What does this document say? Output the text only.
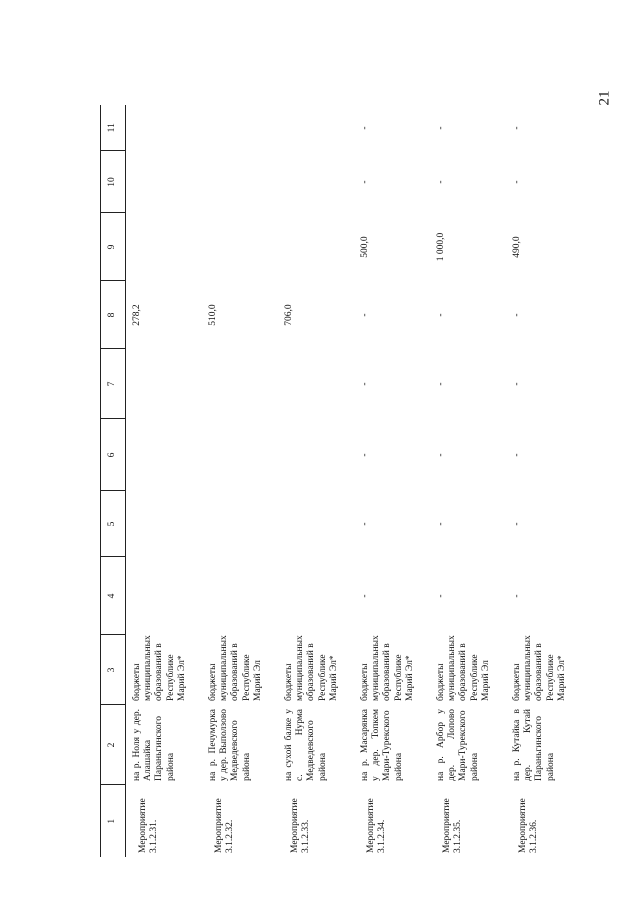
21
1	2	3	4	5	6	7	8	9	10	11
Мероприятие 3.1.2.31.	на р. Ноля у дер. Алашайка Параньгинского района	бюджеты муниципальных образований в Республике Марий Эл*					278,2			
Мероприятие 3.1.2.32.	на р. Печумурка у дер. Выползово Медведевского района	бюджеты муниципальных образований в Республике Марий Эл					510,0			
Мероприятие 3.1.2.33.	на сухой балке у с. Нурма Медведевского района	бюджеты муниципальных образований в Республике Марий Эл*					706,0			
Мероприятие 3.1.2.34.	на р. Масарянка у дер. Топкем Мари-Турекского района	бюджеты муниципальных образований в Республике Марий Эл*	-	-	-	-	-	500,0	-	-
Мероприятие 3.1.2.35.	на р. Арбор у дер. Лопово Мари-Турекского района	бюджеты муниципальных образований в Республике Марий Эл	-	-	-	-	-	1 000,0	-	-
Мероприятие 3.1.2.36.	на р. Кутайка в дер. Кутай Параньгинского района	бюджеты муниципальных образований в Республике Марий Эл*	-	-	-	-	-	490,0	-	-
